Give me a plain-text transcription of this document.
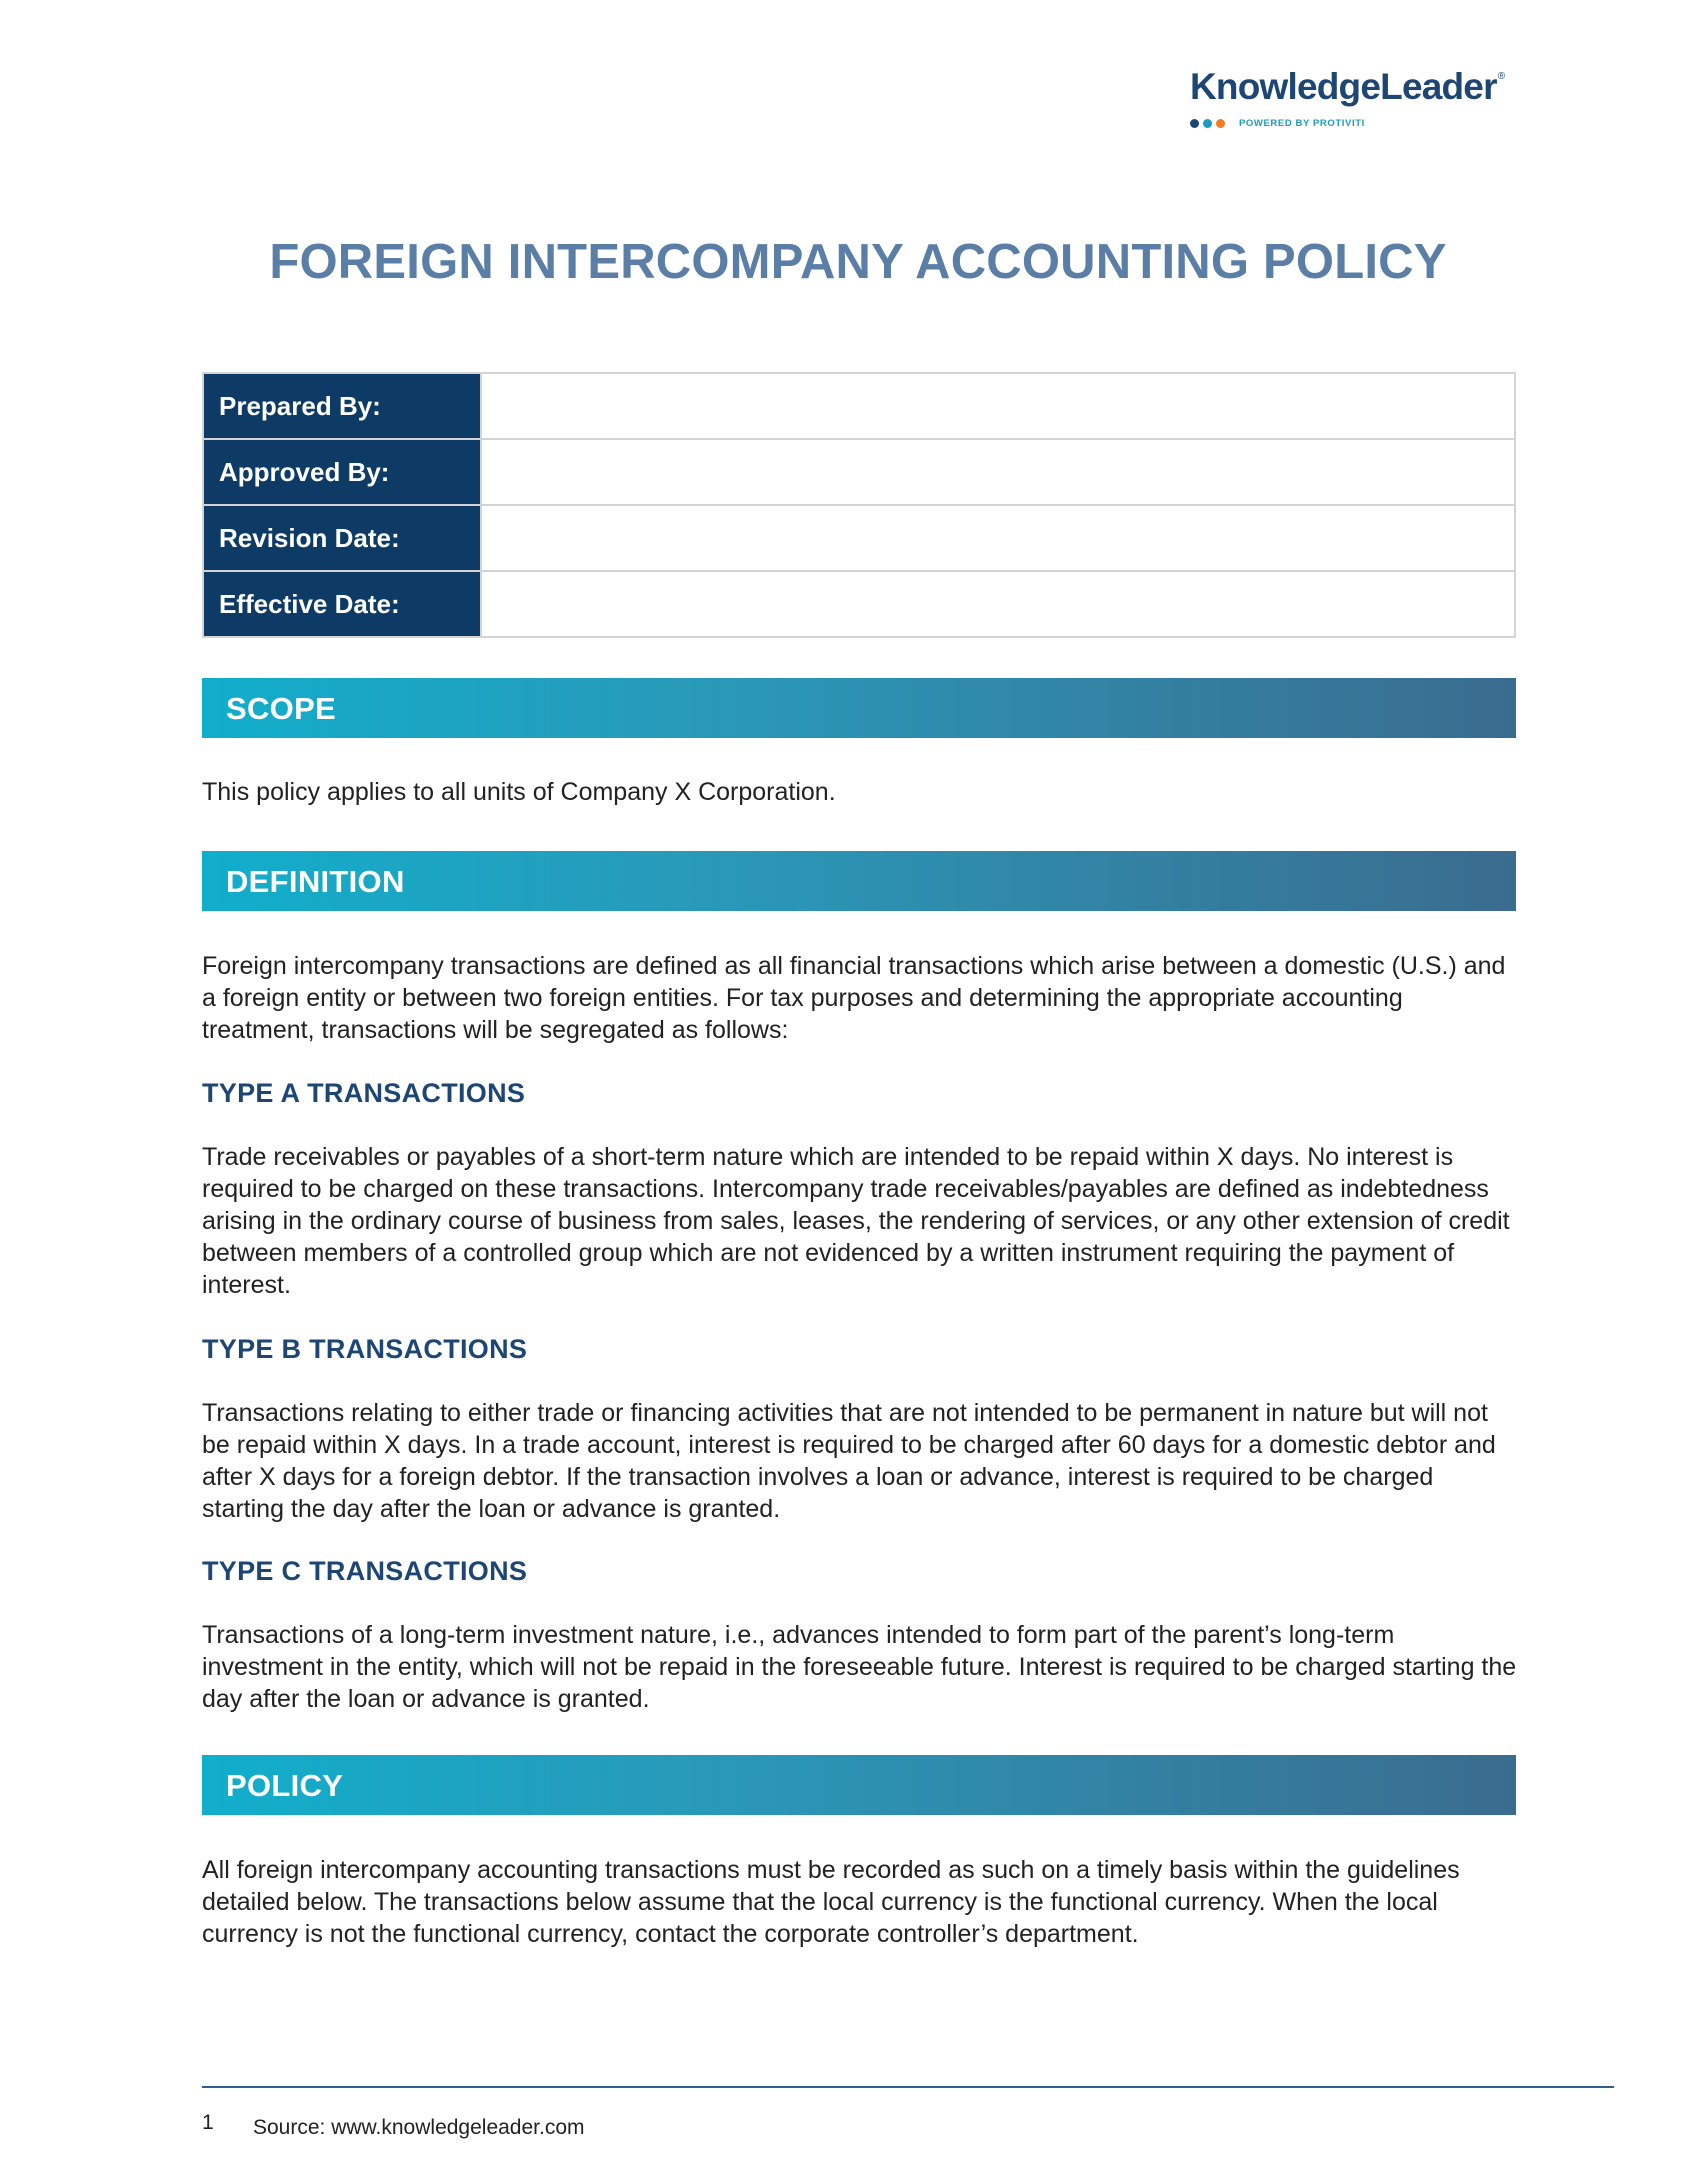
KnowledgeLeader®
POWERED BY PROTIVITI
FOREIGN INTERCOMPANY ACCOUNTING POLICY
Prepared By:	
Approved By:	
Revision Date:	
Effective Date:	
SCOPE

This policy applies to all units of Company X Corporation.

DEFINITION

Foreign intercompany transactions are defined as all financial transactions which arise between a domestic (U.S.) and a foreign entity or between two foreign entities. For tax purposes and determining the appropriate accounting treatment, transactions will be segregated as follows:

TYPE A TRANSACTIONS

Trade receivables or payables of a short-term nature which are intended to be repaid within X days. No interest is required to be charged on these transactions. Intercompany trade receivables/payables are defined as indebtedness arising in the ordinary course of business from sales, leases, the rendering of services, or any other extension of credit between members of a controlled group which are not evidenced by a written instrument requiring the payment of interest.

TYPE B TRANSACTIONS

Transactions relating to either trade or financing activities that are not intended to be permanent in nature but will not be repaid within X days. In a trade account, interest is required to be charged after 60 days for a domestic debtor and after X days for a foreign debtor. If the transaction involves a loan or advance, interest is required to be charged starting the day after the loan or advance is granted.

TYPE C TRANSACTIONS

Transactions of a long-term investment nature, i.e., advances intended to form part of the parent’s long-term investment in the entity, which will not be repaid in the foreseeable future. Interest is required to be charged starting the day after the loan or advance is granted.

POLICY

All foreign intercompany accounting transactions must be recorded as such on a timely basis within the guidelines detailed below. The transactions below assume that the local currency is the functional currency. When the local currency is not the functional currency, contact the corporate controller’s department.

1 Source: www.knowledgeleader.com
